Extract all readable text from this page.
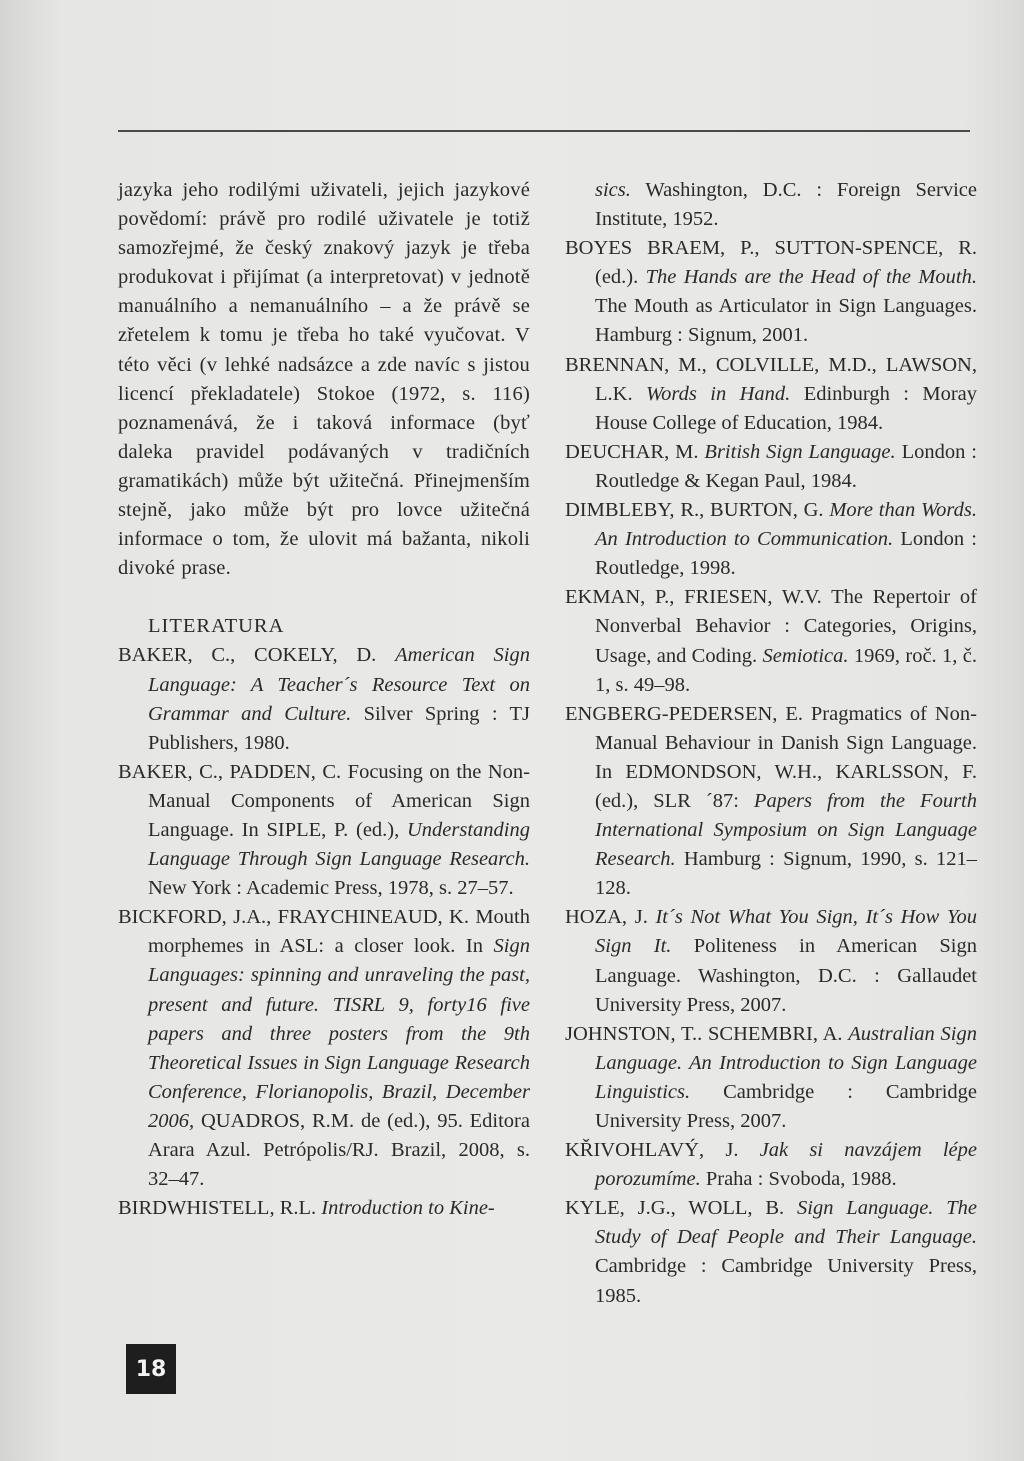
jazyka jeho rodilými uživateli, jejich jazykové povědomí: právě pro rodilé uživatele je totiž samozřejmé, že český znakový jazyk je třeba produkovat i přijímat (a interpretovat) v jednotě manuálního a nemanuálního – a že právě se zřetelem k tomu je třeba ho také vyučovat. V této věci (v lehké nadsázce a zde navíc s jistou licencí překladatele) Stokoe (1972, s. 116) poznamenává, že i taková informace (byť daleka pravidel podávaných v tradičních gramatikách) může být užitečná. Přinejmenším stejně, jako může být pro lovce užitečná informace o tom, že ulovit má bažanta, nikoli divoké prase.

LITERATURA

BAKER, C., COKELY, D. American Sign Language: A Teacher´s Resource Text on Grammar and Culture. Silver Spring : TJ Publishers, 1980.

BAKER, C., PADDEN, C. Focusing on the Non-Manual Components of American Sign Language. In SIPLE, P. (ed.), Understanding Language Through Sign Language Research. New York : Academic Press, 1978, s. 27–57.

BICKFORD, J.A., FRAYCHINEAUD, K. Mouth morphemes in ASL: a closer look. In Sign Languages: spinning and unraveling the past, present and future. TISRL 9, forty16 five papers and three posters from the 9th Theoretical Issues in Sign Language Research Conference, Florianopolis, Brazil, December 2006, QUADROS, R.M. de (ed.), 95. Editora Arara Azul. Petrópolis/RJ. Brazil, 2008, s. 32–47.

BIRDWHISTELL, R.L. Introduction to Kine-

sics. Washington, D.C. : Foreign Service Institute, 1952.

BOYES BRAEM, P., SUTTON-SPENCE, R. (ed.). The Hands are the Head of the Mouth. The Mouth as Articulator in Sign Languages. Hamburg : Signum, 2001.

BRENNAN, M., COLVILLE, M.D., LAWSON, L.K. Words in Hand. Edinburgh : Moray House College of Education, 1984.

DEUCHAR, M. British Sign Language. London : Routledge & Kegan Paul, 1984.

DIMBLEBY, R., BURTON, G. More than Words. An Introduction to Communication. London : Routledge, 1998.

EKMAN, P., FRIESEN, W.V. The Repertoir of Nonverbal Behavior : Categories, Origins, Usage, and Coding. Semiotica. 1969, roč. 1, č. 1, s. 49–98.

ENGBERG-PEDERSEN, E. Pragmatics of Non-Manual Behaviour in Danish Sign Language. In EDMONDSON, W.H., KARLSSON, F. (ed.), SLR ´87: Papers from the Fourth International Symposium on Sign Language Research. Hamburg : Signum, 1990, s. 121–128.

HOZA, J. It´s Not What You Sign, It´s How You Sign It. Politeness in American Sign Language. Washington, D.C. : Gallaudet University Press, 2007.

JOHNSTON, T.. SCHEMBRI, A. Australian Sign Language. An Introduction to Sign Language Linguistics. Cambridge : Cambridge University Press, 2007.

KŘIVOHLAVÝ, J. Jak si navzájem lépe porozumíme. Praha : Svoboda, 1988.

KYLE, J.G., WOLL, B. Sign Language. The Study of Deaf People and Their Language. Cambridge : Cambridge University Press, 1985.

18
